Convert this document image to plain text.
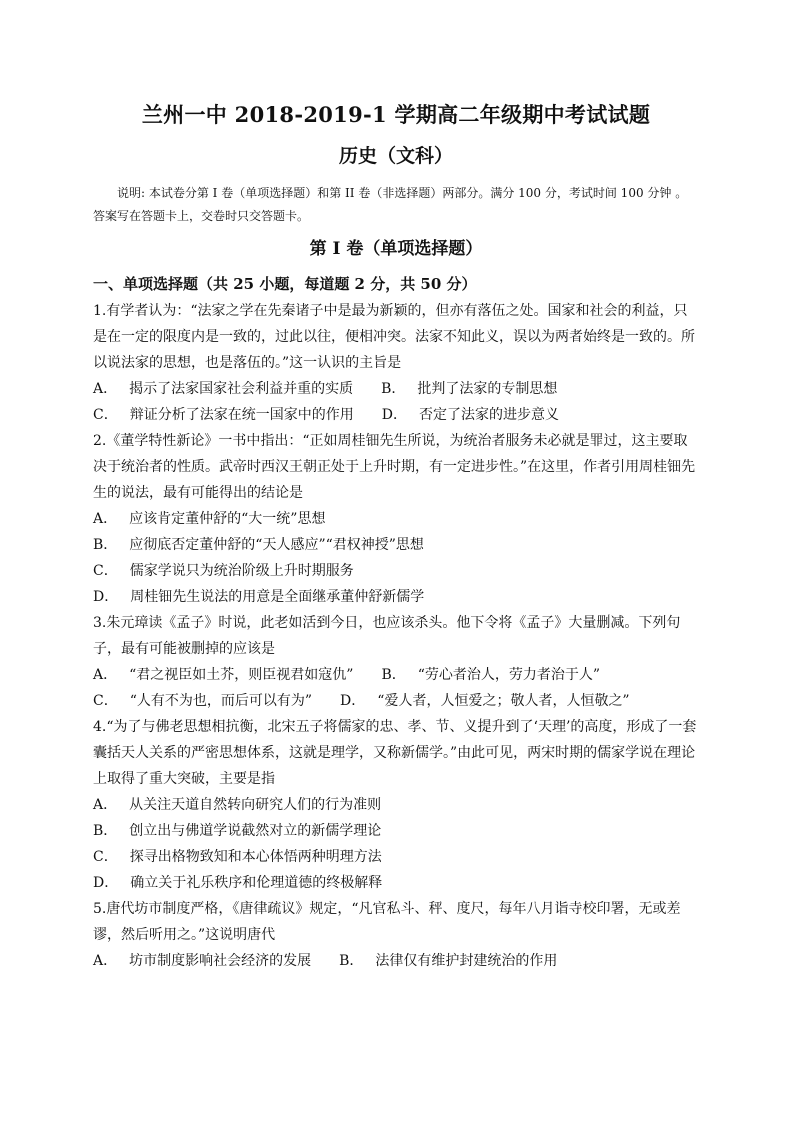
兰州一中 2018-2019-1 学期高二年级期中考试试题
历史（文科）

说明: 本试卷分第 I 卷（单项选择题）和第 II 卷（非选择题）两部分。满分 100 分，考试时间 100 分钟 。答案写在答题卡上，交卷时只交答题卡。

第 I 卷（单项选择题）
一、单项选择题（共 25 小题，每道题 2 分，共 50 分）

1.有学者认为：“法家之学在先秦诸子中是最为新颖的，但亦有落伍之处。国家和社会的利益，只是在一定的限度内是一致的，过此以往，便相冲突。法家不知此义，误以为两者始终是一致的。所以说法家的思想，也是落伍的。”这一认识的主旨是

A． 揭示了法家国家社会利益并重的实质 B． 批判了法家的专制思想
C． 辩证分析了法家在统一国家中的作用 D． 否定了法家的进步意义

2.《董学特性新论》一书中指出：“正如周桂钿先生所说，为统治者服务未必就是罪过，这主要取决于统治者的性质。武帝时西汉王朝正处于上升时期，有一定进步性。”在这里，作者引用周桂钿先生的说法，最有可能得出的结论是

A． 应该肯定董仲舒的“大一统”思想

B． 应彻底否定董仲舒的“天人感应”“君权神授”思想

C． 儒家学说只为统治阶级上升时期服务

D． 周桂钿先生说法的用意是全面继承董仲舒新儒学

3.朱元璋读《孟子》时说，此老如活到今日，也应该杀头。他下令将《孟子》大量删减。下列句子，最有可能被删掉的应该是

A． “君之视臣如土芥，则臣视君如寇仇” B． “劳心者治人，劳力者治于人”
C． “人有不为也，而后可以有为” D． “爱人者，人恒爱之；敬人者，人恒敬之”

4.“为了与佛老思想相抗衡，北宋五子将儒家的忠、孝、节、义提升到了‘天理’的高度，形成了一套囊括天人关系的严密思想体系，这就是理学，又称新儒学。”由此可见，两宋时期的儒家学说在理论上取得了重大突破，主要是指

A． 从关注天道自然转向研究人们的行为准则

B． 创立出与佛道学说截然对立的新儒学理论

C． 探寻出格物致知和本心体悟两种明理方法

D． 确立关于礼乐秩序和伦理道德的终极解释

5.唐代坊市制度严格，《唐律疏议》规定，“凡官私斗、秤、度尺，每年八月诣寺校印署，无或差谬，然后听用之。”这说明唐代

A． 坊市制度影响社会经济的发展 B． 法律仅有维护封建统治的作用
